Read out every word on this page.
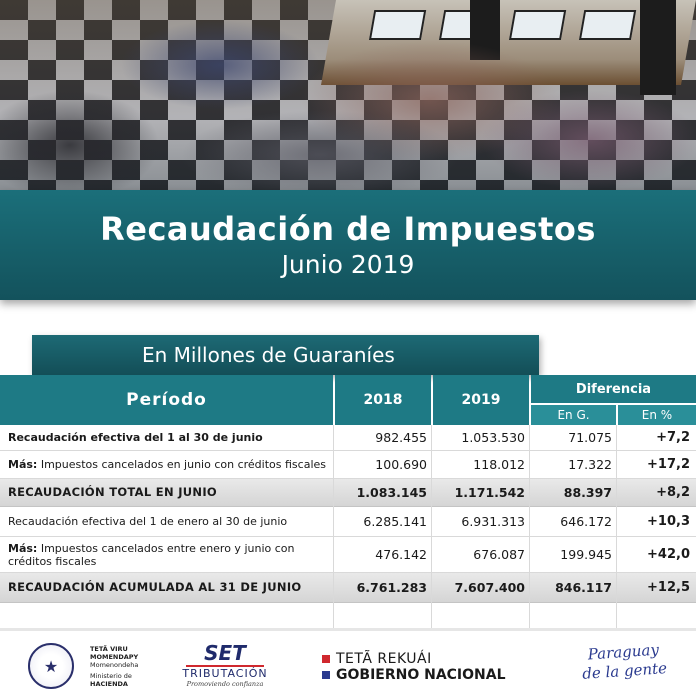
Recaudación de Impuestos
Junio 2019
En Millones de Guaraníes
Período	2018	2019
Diferencia
En G.	En %
Recaudación efectiva del 1 al 30 de junio	982.455	1.053.530	71.075	+7,2
Más: Impuestos cancelados en junio con créditos fiscales	100.690	118.012	17.322	+17,2
RECAUDACIÓN TOTAL EN JUNIO	1.083.145	1.171.542	88.397	+8,2
Recaudación efectiva del 1 de enero al 30 de junio	6.285.141	6.931.313	646.172	+10,3
Más: Impuestos cancelados entre enero y junio con créditos fiscales	476.142	676.087	199.945	+42,0
RECAUDACIÓN ACUMULADA AL 31 DE JUNIO	6.761.283	7.607.400	846.117	+12,5
★
TETÃ VIRU
MOMENDAPY
Momenondeha
Ministerio de
HACIENDA
SET
TRIBUTACIÓN
Promoviendo confianza
TETÃ REKUÁI
GOBIERNO NACIONAL
Paraguay
de la gente
